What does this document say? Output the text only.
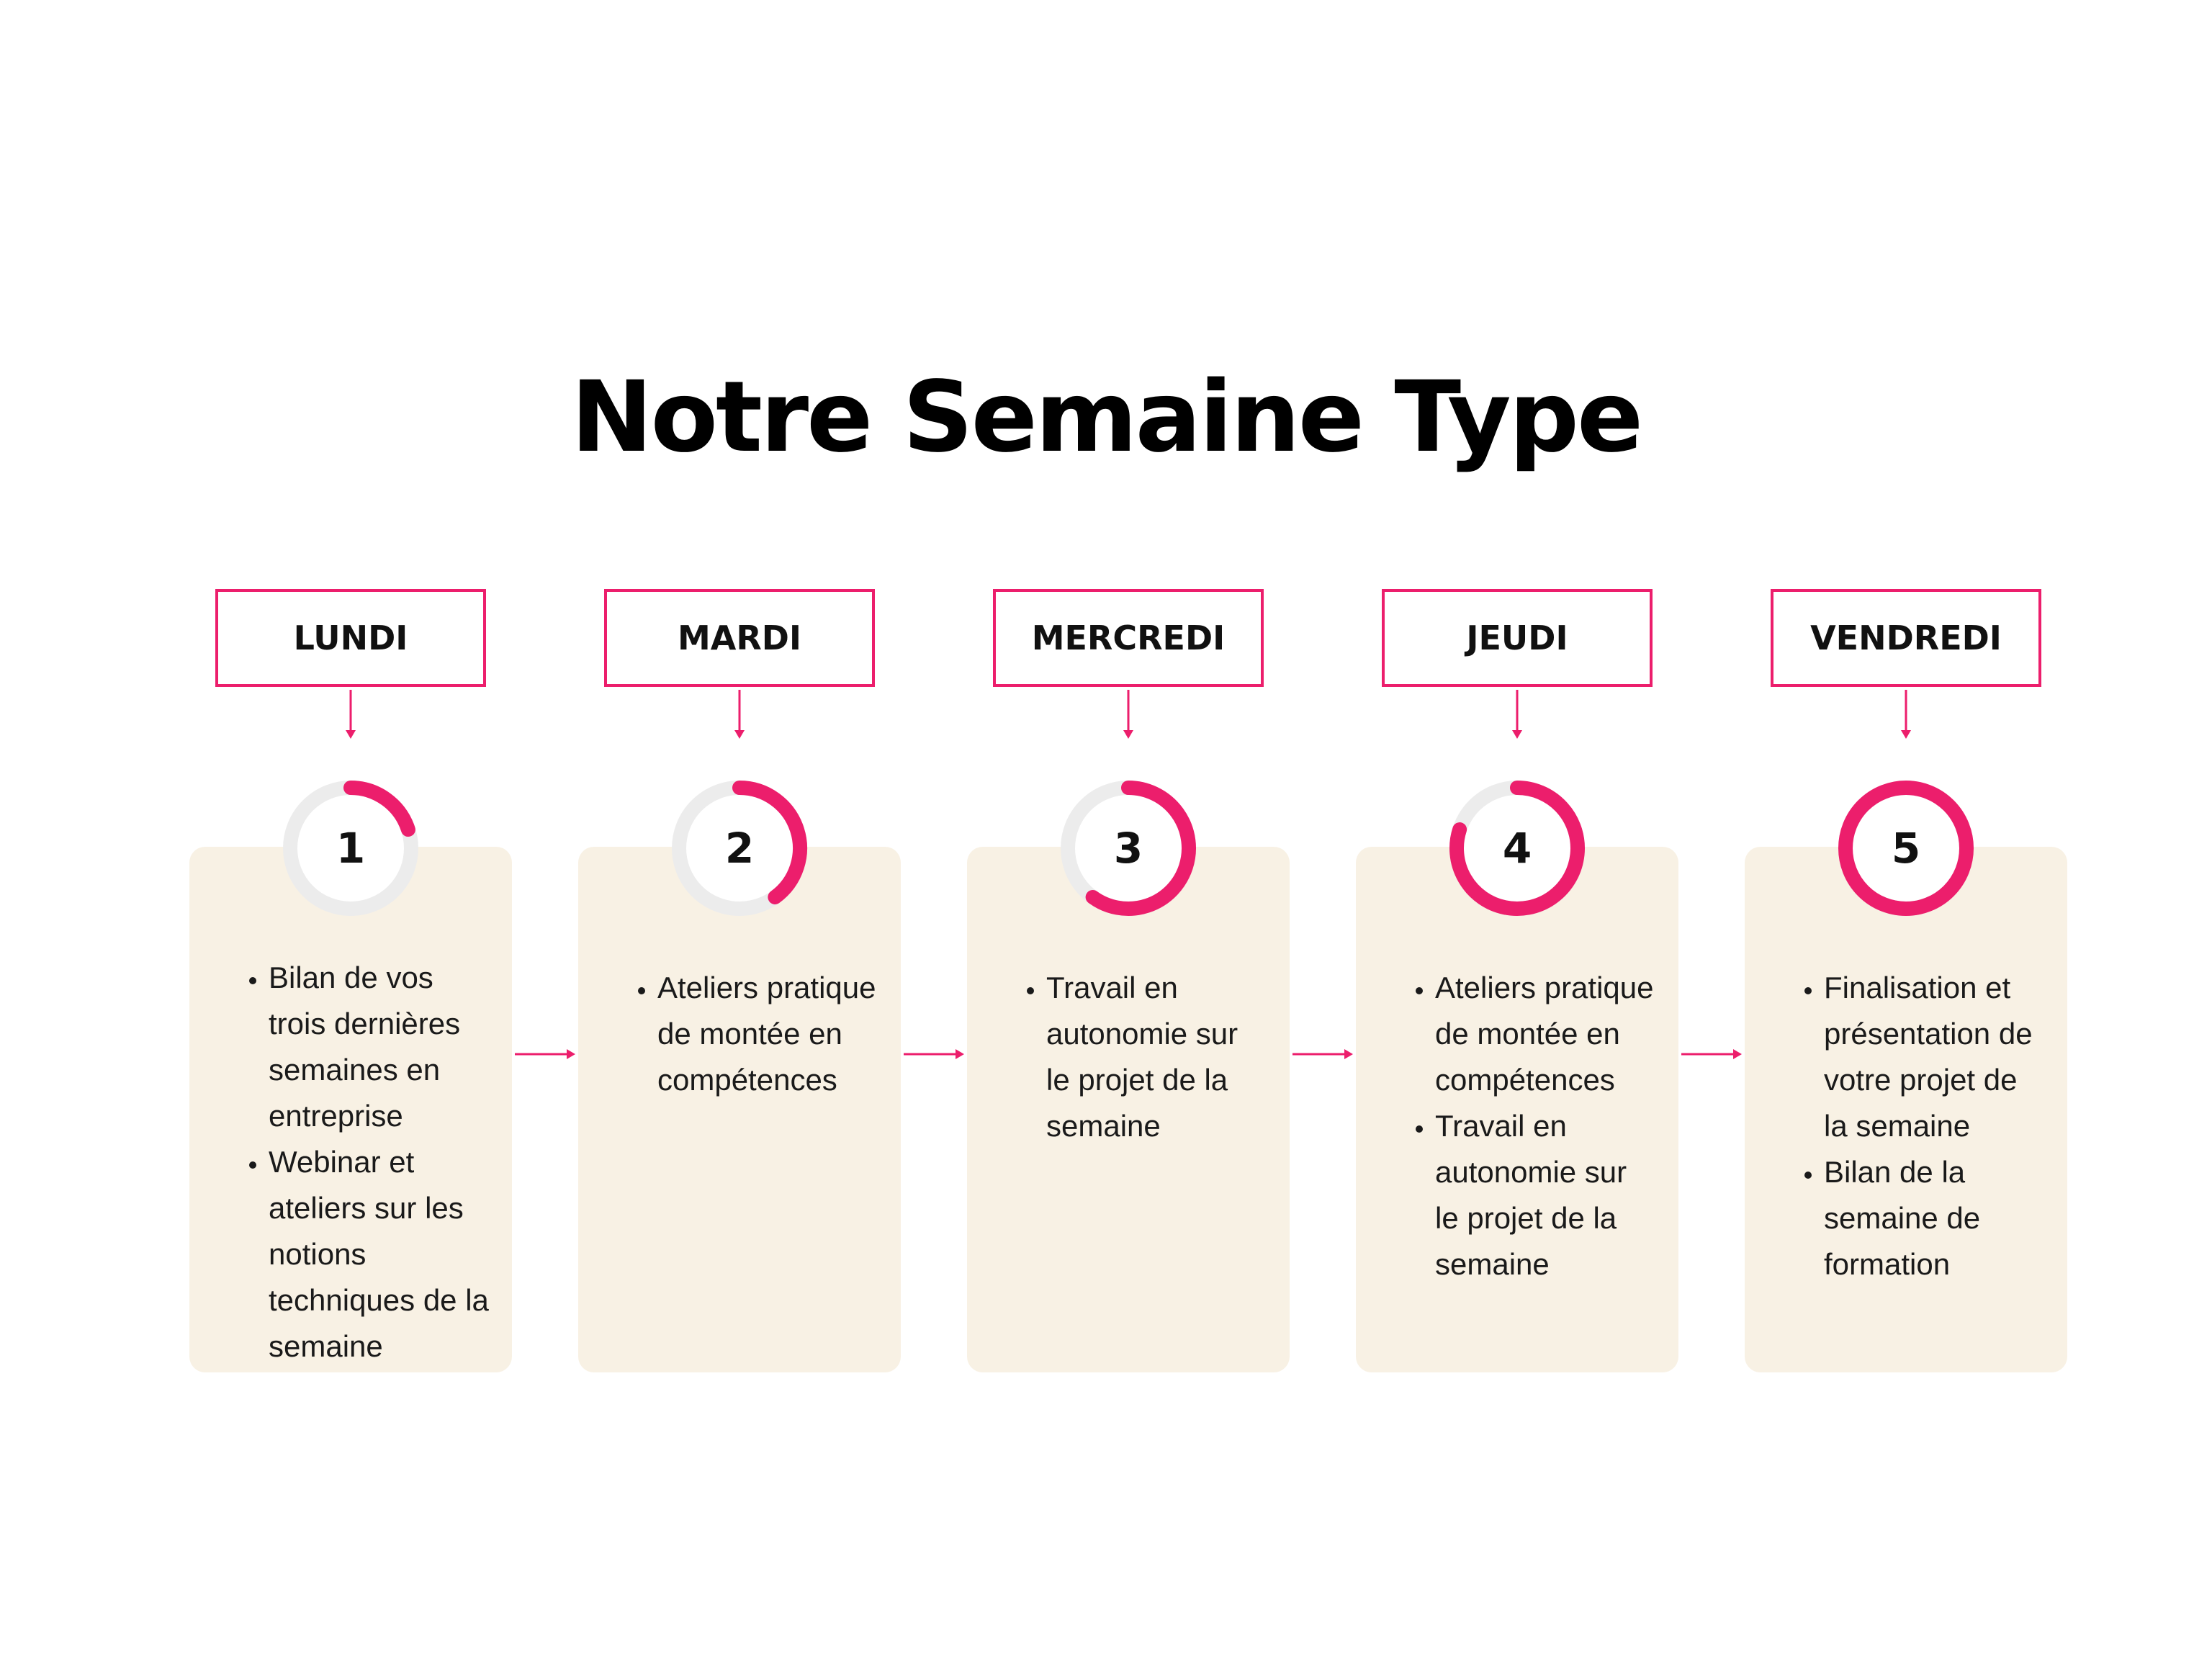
Notre Semaine Type
LUNDI
• Bilan de vos trois dernières semaines en entreprise
• Webinar et ateliers sur les notions techniques de la semaine
1
MARDI
• Ateliers pratique de montée en compétences
2
MERCREDI
• Travail en autonomie sur le projet de la semaine
3
JEUDI
• Ateliers pratique de montée en compétences
• Travail en autonomie sur le projet de la semaine
4
VENDREDI
• Finalisation et présentation de votre projet de la semaine
• Bilan de la semaine de formation
5
